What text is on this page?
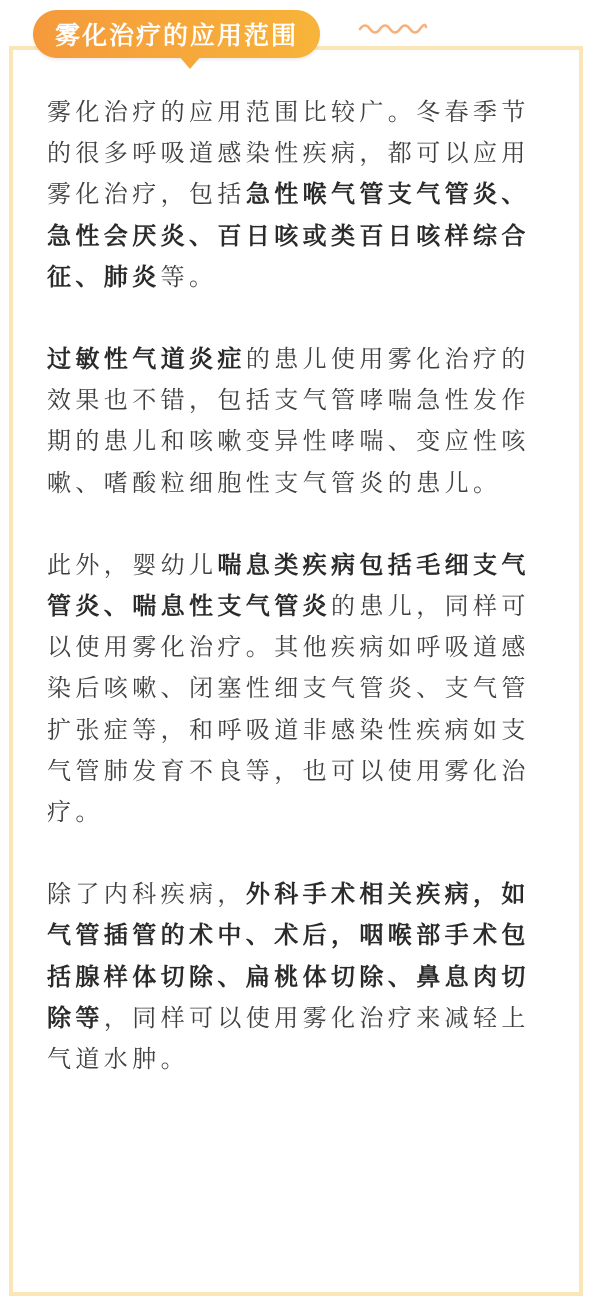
雾化治疗的应用范围

雾化治疗的应用范围比较广。冬春季节的很多呼吸道感染性疾病，都可以应用雾化治疗，包括急性喉气管支气管炎、急性会厌炎、百日咳或类百日咳样综合征、肺炎等。

过敏性气道炎症的患儿使用雾化治疗的效果也不错，包括支气管哮喘急性发作期的患儿和咳嗽变异性哮喘、变应性咳嗽、嗜酸粒细胞性支气管炎的患儿。

此外，婴幼儿喘息类疾病包括毛细支气管炎、喘息性支气管炎的患儿，同样可以使用雾化治疗。其他疾病如呼吸道感染后咳嗽、闭塞性细支气管炎、支气管扩张症等，和呼吸道非感染性疾病如支气管肺发育不良等，也可以使用雾化治疗。

除了内科疾病，外科手术相关疾病，如气管插管的术中、术后，咽喉部手术包括腺样体切除、扁桃体切除、鼻息肉切除等，同样可以使用雾化治疗来减轻上气道水肿。
